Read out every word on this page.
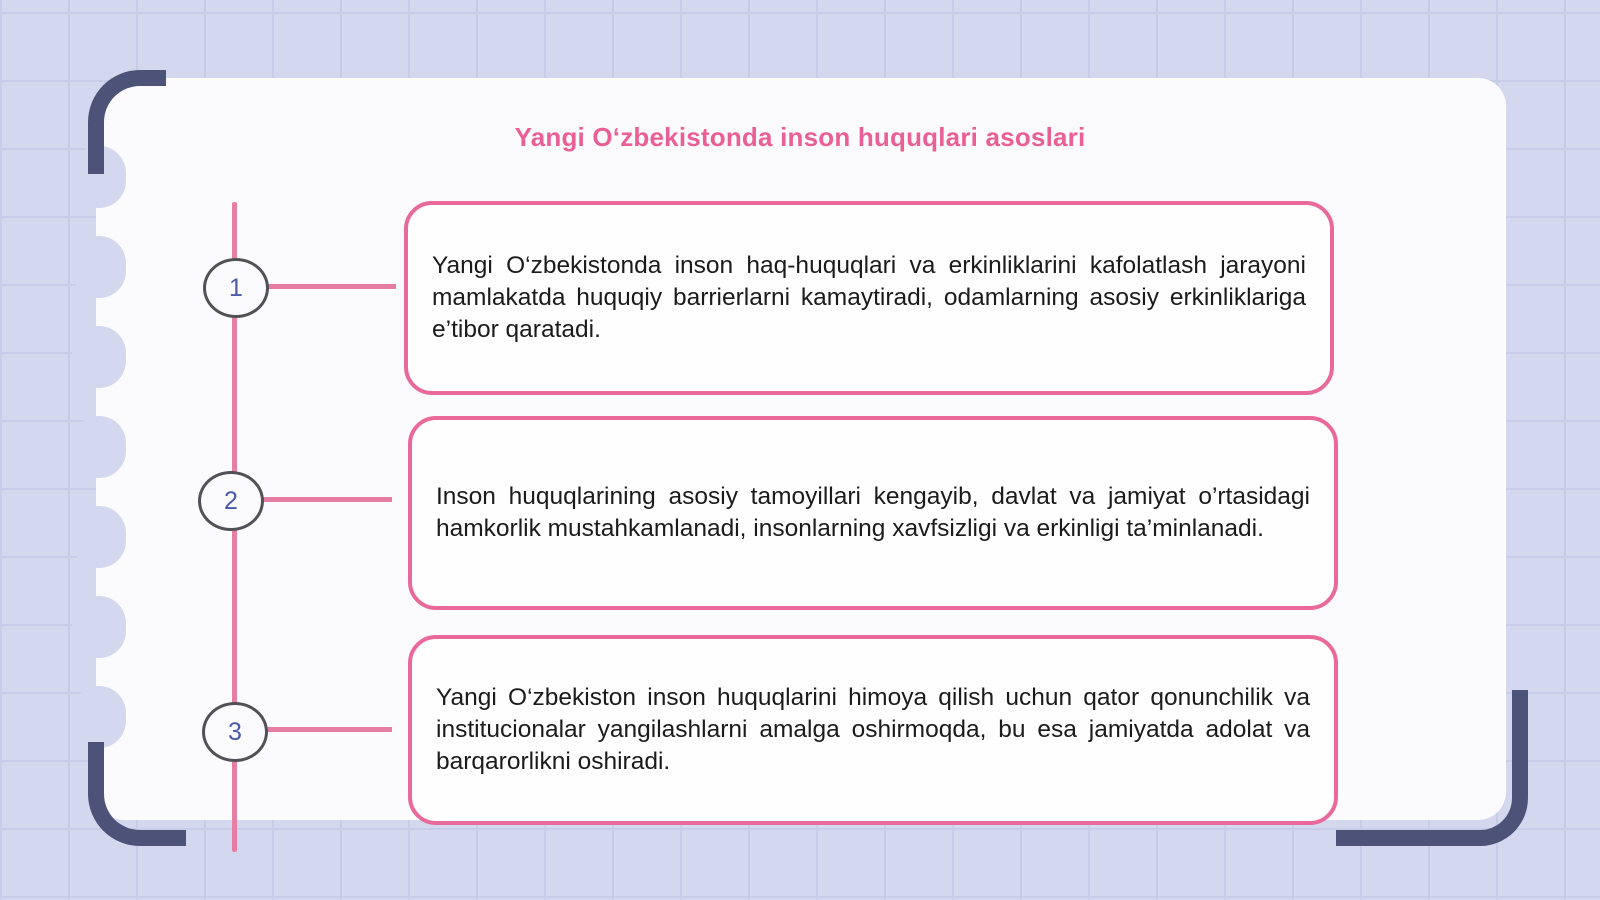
Yangi Oʻzbekistonda inson huquqlari asoslari
1

Yangi O‘zbekistonda inson haq-huquqlari va erkinliklarini kafolatlash jarayoni mamlakatda huquqiy barrierlarni kamaytiradi, odamlarning asosiy erkinliklariga e’tibor qaratadi.

2	Inson huquqlarining asosiy tamoyillari kengayib, davlat va jamiyat o’rtasidagi hamkorlik mustahkamlanadi, insonlarning xavfsizligi va erkinligi ta’minlanadi.

3

Yangi O‘zbekiston inson huquqlarini himoya qilish uchun qator qonunchilik va institucionalar yangilashlarni amalga oshirmoqda, bu esa jamiyatda adolat va barqarorlikni oshiradi.
